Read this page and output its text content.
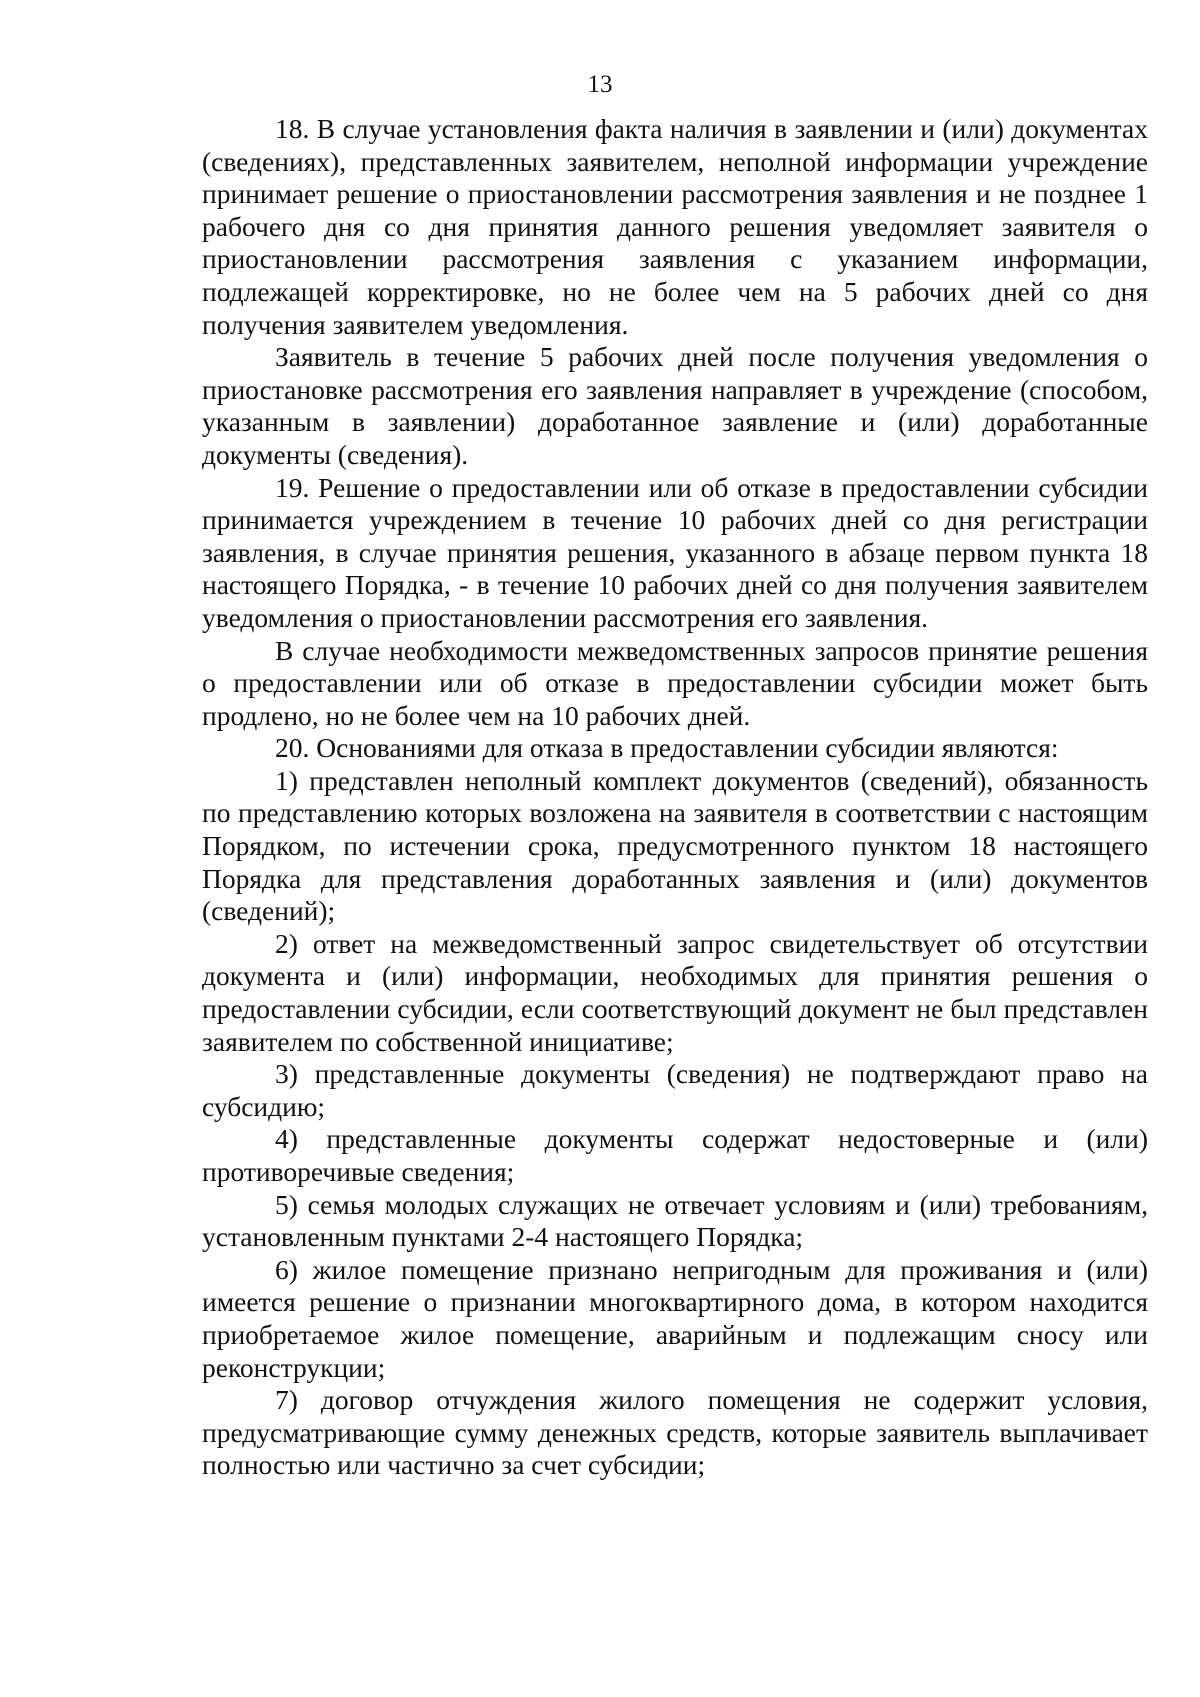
13

18. В случае установления факта наличия в заявлении и (или) документах (сведениях), представленных заявителем, неполной информации учреждение принимает решение о приостановлении рассмотрения заявления и не позднее 1 рабочего дня со дня принятия данного решения уведомляет заявителя о приостановлении рассмотрения заявления с указанием информации, подлежащей корректировке, но не более чем на 5 рабочих дней со дня получения заявителем уведомления.

Заявитель в течение 5 рабочих дней после получения уведомления о приостановке рассмотрения его заявления направляет в учреждение (способом, указанным в заявлении) доработанное заявление и (или) доработанные документы (сведения).

19. Решение о предоставлении или об отказе в предоставлении субсидии принимается учреждением в течение 10 рабочих дней со дня регистрации заявления, в случае принятия решения, указанного в абзаце первом пункта 18 настоящего Порядка, - в течение 10 рабочих дней со дня получения заявителем уведомления о приостановлении рассмотрения его заявления.

В случае необходимости межведомственных запросов принятие решения о предоставлении или об отказе в предоставлении субсидии может быть продлено, но не более чем на 10 рабочих дней.

20. Основаниями для отказа в предоставлении субсидии являются:

1) представлен неполный комплект документов (сведений), обязанность по представлению которых возложена на заявителя в соответствии с настоящим Порядком, по истечении срока, предусмотренного пунктом 18 настоящего Порядка для представления доработанных заявления и (или) документов (сведений);

2) ответ на межведомственный запрос свидетельствует об отсутствии документа и (или) информации, необходимых для принятия решения о предоставлении субсидии, если соответствующий документ не был представлен заявителем по собственной инициативе;

3) представленные документы (сведения) не подтверждают право на субсидию;

4) представленные документы содержат недостоверные и (или) противоречивые сведения;

5) семья молодых служащих не отвечает условиям и (или) требованиям, установленным пунктами 2-4 настоящего Порядка;

6) жилое помещение признано непригодным для проживания и (или) имеется решение о признании многоквартирного дома, в котором находится приобретаемое жилое помещение, аварийным и подлежащим сносу или реконструкции;

7) договор отчуждения жилого помещения не содержит условия, предусматривающие сумму денежных средств, которые заявитель выплачивает полностью или частично за счет субсидии;
